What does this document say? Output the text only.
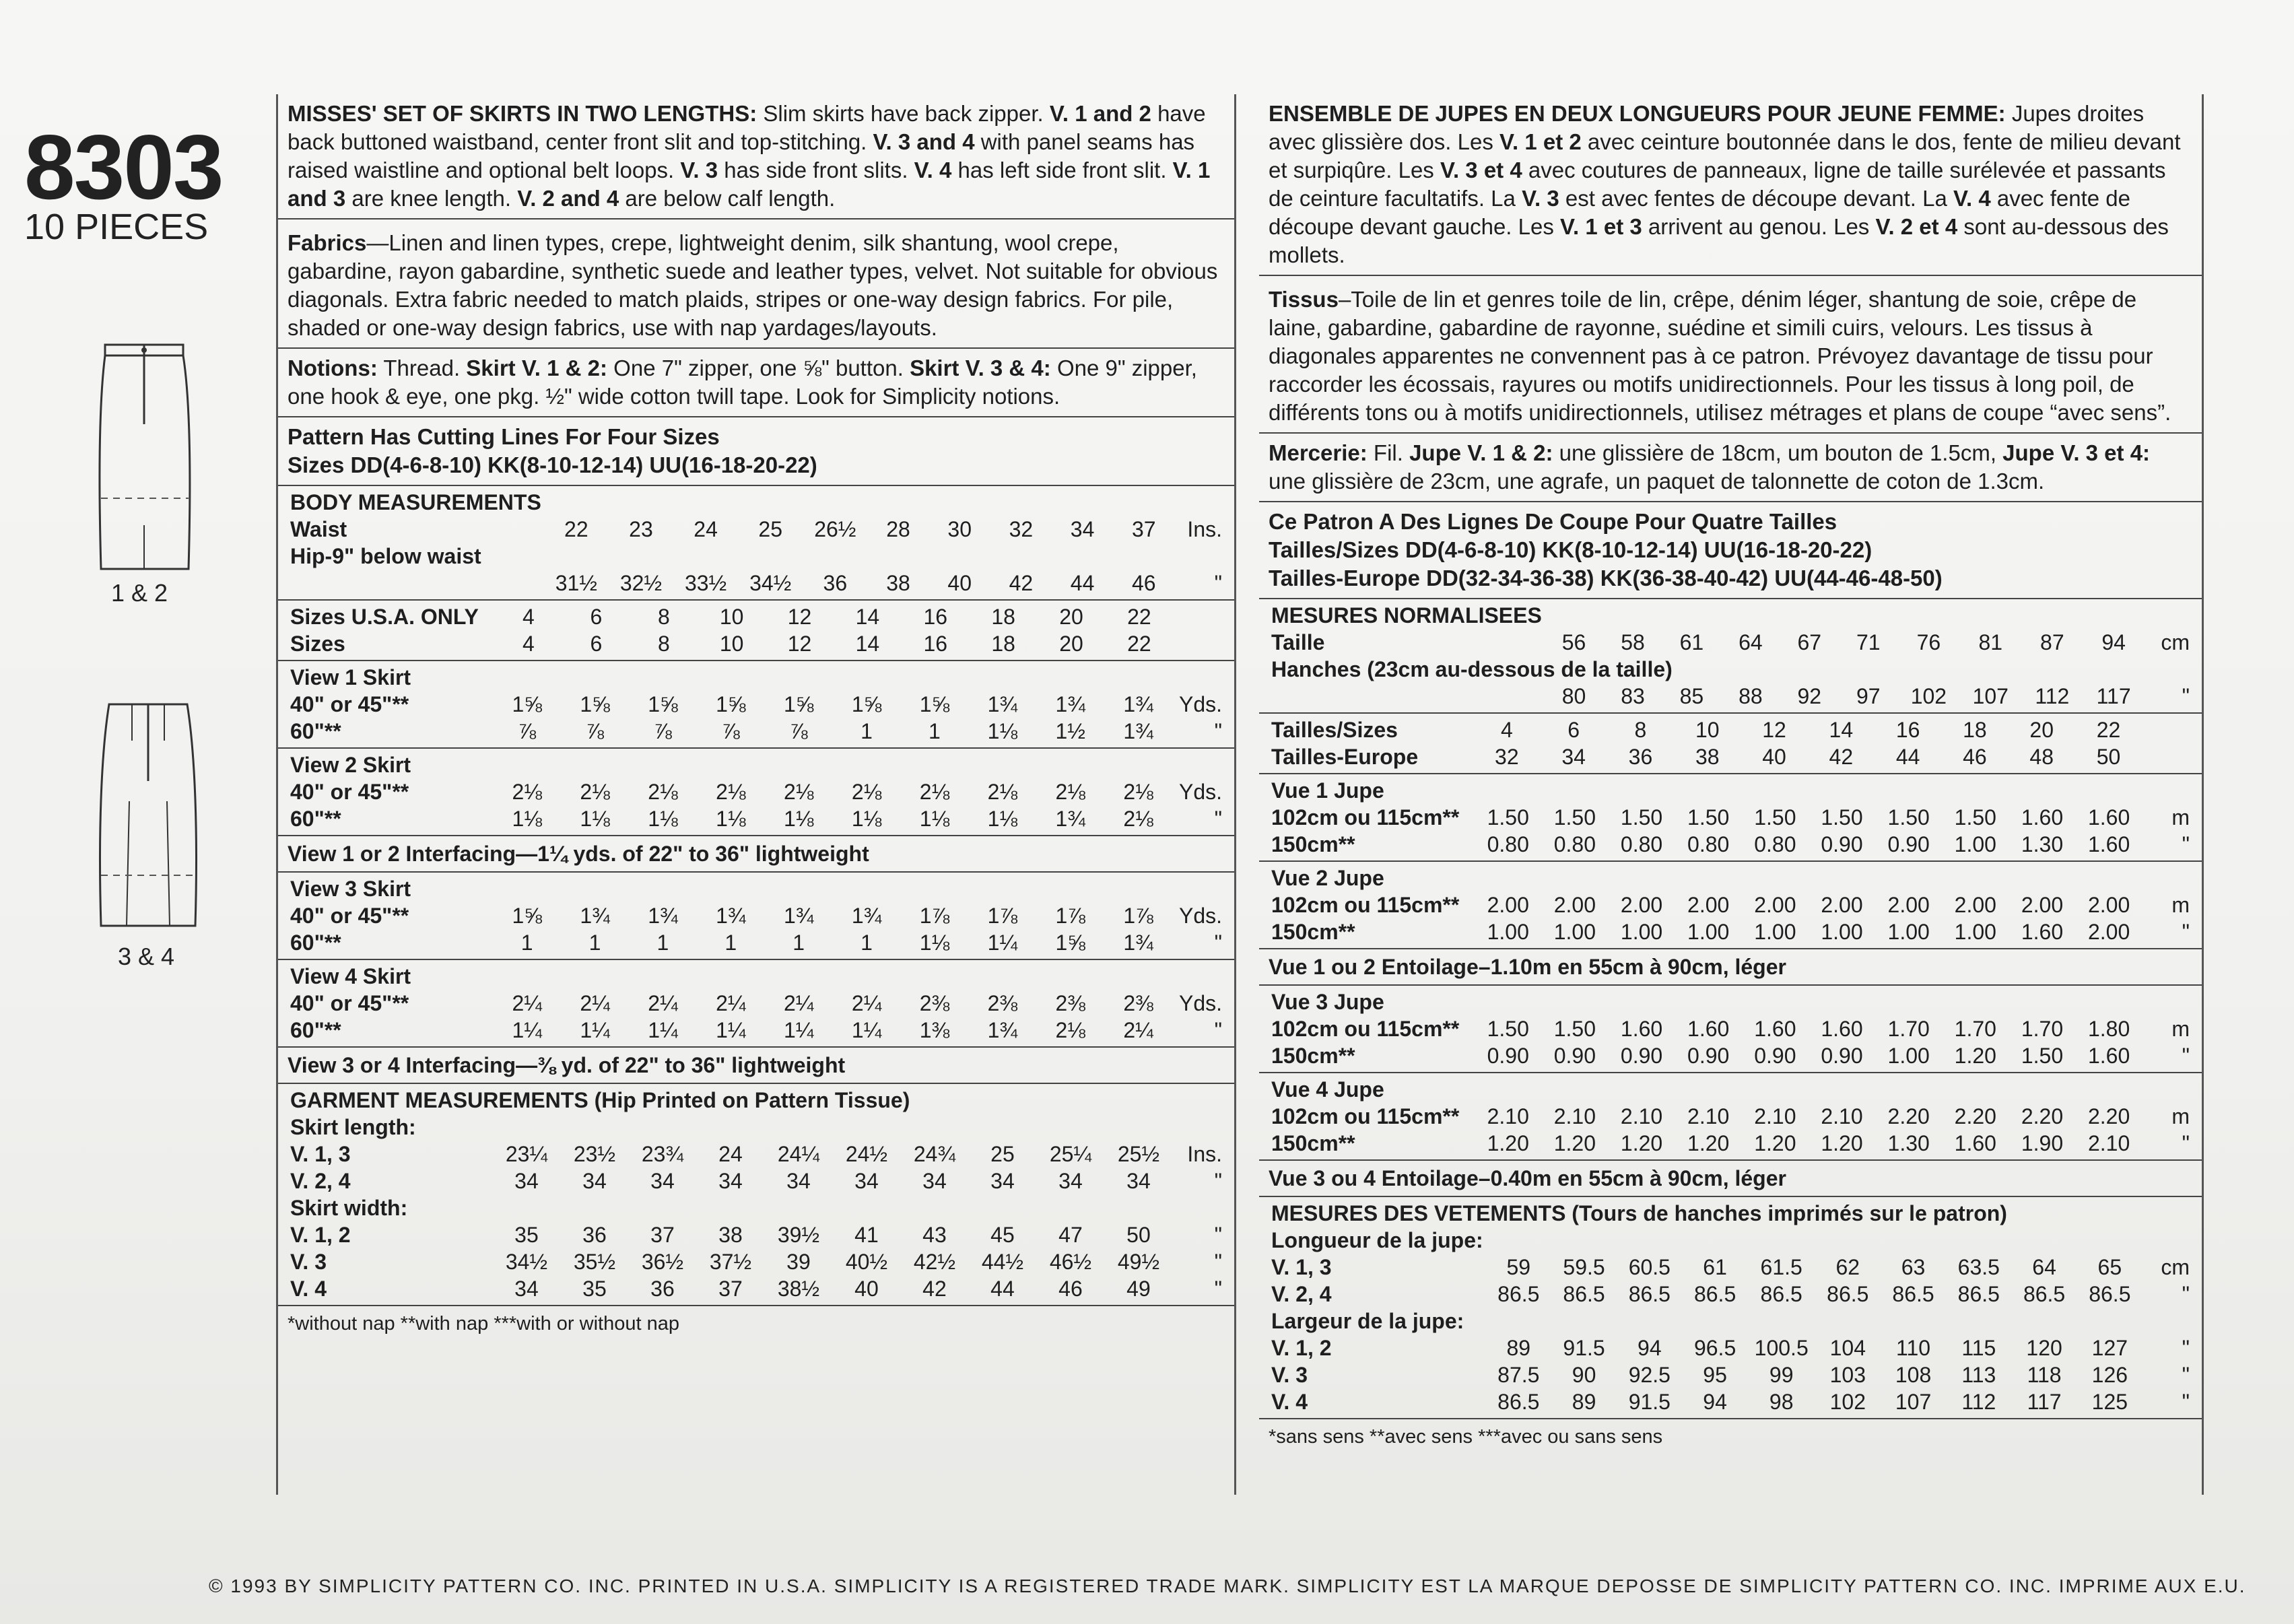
8303
10 PIECES
1 & 2
3 & 4

MISSES' SET OF SKIRTS IN TWO LENGTHS: Slim skirts have back zipper. V. 1 and 2 have back buttoned waistband, center front slit and top-stitching. V. 3 and 4 with panel seams has raised waistline and optional belt loops. V. 3 has side front slits. V. 4 has left side front slit. V. 1 and 3 are knee length. V. 2 and 4 are below calf length.

Fabrics—Linen and linen types, crepe, lightweight denim, silk shantung, wool crepe, gabardine, rayon gabardine, synthetic suede and leather types, velvet. Not suitable for obvious diagonals. Extra fabric needed to match plaids, stripes or one-way design fabrics. For pile, shaded or one-way design fabrics, use with nap yardages/layouts.

Notions: Thread. Skirt V. 1 & 2: One 7" zipper, one ⅝" button. Skirt V. 3 & 4: One 9" zipper, one hook & eye, one pkg. ½" wide cotton twill tape. Look for Simplicity notions.

Pattern Has Cutting Lines For Four Sizes
Sizes DD(4-6-8-10) KK(8-10-12-14) UU(16-18-20-22)
BODY MEASUREMENTS											
Waist	22	23	24	25	26½	28	30	32	34	37	Ins.
Hip-9" below waist											
	31½	32½	33½	34½	36	38	40	42	44	46	"
Sizes U.S.A. ONLY	4	6	8	10	12	14	16	18	20	22	
Sizes	4	6	8	10	12	14	16	18	20	22	
View 1 Skirt											
40" or 45"**	1⅝	1⅝	1⅝	1⅝	1⅝	1⅝	1⅝	1¾	1¾	1¾	Yds.
60"**	⅞	⅞	⅞	⅞	⅞	1	1	1⅛	1½	1¾	"
View 2 Skirt											
40" or 45"**	2⅛	2⅛	2⅛	2⅛	2⅛	2⅛	2⅛	2⅛	2⅛	2⅛	Yds.
60"**	1⅛	1⅛	1⅛	1⅛	1⅛	1⅛	1⅛	1⅛	1¾	2⅛	"
View 1 or 2 Interfacing—1¼ yds. of 22" to 36" lightweight
View 3 Skirt											
40" or 45"**	1⅝	1¾	1¾	1¾	1¾	1¾	1⅞	1⅞	1⅞	1⅞	Yds.
60"**	1	1	1	1	1	1	1⅛	1¼	1⅝	1¾	"
View 4 Skirt											
40" or 45"**	2¼	2¼	2¼	2¼	2¼	2¼	2⅜	2⅜	2⅜	2⅜	Yds.
60"**	1¼	1¼	1¼	1¼	1¼	1¼	1⅜	1¾	2⅛	2¼	"
View 3 or 4 Interfacing—⅜ yd. of 22" to 36" lightweight
GARMENT MEASUREMENTS (Hip Printed on Pattern Tissue)											
Skirt length:											
V. 1, 3	23¼	23½	23¾	24	24¼	24½	24¾	25	25¼	25½	Ins.
V. 2, 4	34	34	34	34	34	34	34	34	34	34	"
Skirt width:											
V. 1, 2	35	36	37	38	39½	41	43	45	47	50	"
V. 3	34½	35½	36½	37½	39	40½	42½	44½	46½	49½	"
V. 4	34	35	36	37	38½	40	42	44	46	49	"
*without nap **with nap ***with or without nap

ENSEMBLE DE JUPES EN DEUX LONGUEURS POUR JEUNE FEMME: Jupes droites avec glissière dos. Les V. 1 et 2 avec ceinture boutonnée dans le dos, fente de milieu devant et surpiqûre. Les V. 3 et 4 avec coutures de panneaux, ligne de taille surélevée et passants de ceinture facultatifs. La V. 3 est avec fentes de découpe devant. La V. 4 avec fente de découpe devant gauche. Les V. 1 et 3 arrivent au genou. Les V. 2 et 4 sont au-dessous des mollets.

Tissus–Toile de lin et genres toile de lin, crêpe, dénim léger, shantung de soie, crêpe de laine, gabardine, gabardine de rayonne, suédine et simili cuirs, velours. Les tissus à diagonales apparentes ne convennent pas à ce patron. Prévoyez davantage de tissu pour raccorder les écossais, rayures ou motifs unidirectionnels. Pour les tissus à long poil, de différents tons ou à motifs unidirectionnels, utilisez métrages et plans de coupe “avec sens”.

Mercerie: Fil. Jupe V. 1 & 2: une glissière de 18cm, um bouton de 1.5cm, Jupe V. 3 et 4: une glissière de 23cm, une agrafe, un paquet de talonnette de coton de 1.3cm.

Ce Patron A Des Lignes De Coupe Pour Quatre Tailles
Tailles/Sizes DD(4-6-8-10) KK(8-10-12-14) UU(16-18-20-22)
Tailles-Europe DD(32-34-36-38) KK(36-38-40-42) UU(44-46-48-50)
MESURES NORMALISEES											
Taille	56	58	61	64	67	71	76	81	87	94	cm
Hanches (23cm au-dessous de la taille)											
	80	83	85	88	92	97	102	107	112	117	"
Tailles/Sizes	4	6	8	10	12	14	16	18	20	22	
Tailles-Europe	32	34	36	38	40	42	44	46	48	50	
Vue 1 Jupe											
102cm ou 115cm**	1.50	1.50	1.50	1.50	1.50	1.50	1.50	1.50	1.60	1.60	m
150cm**	0.80	0.80	0.80	0.80	0.80	0.90	0.90	1.00	1.30	1.60	"
Vue 2 Jupe											
102cm ou 115cm**	2.00	2.00	2.00	2.00	2.00	2.00	2.00	2.00	2.00	2.00	m
150cm**	1.00	1.00	1.00	1.00	1.00	1.00	1.00	1.00	1.60	2.00	"
Vue 1 ou 2 Entoilage–1.10m en 55cm à 90cm, léger
Vue 3 Jupe											
102cm ou 115cm**	1.50	1.50	1.60	1.60	1.60	1.60	1.70	1.70	1.70	1.80	m
150cm**	0.90	0.90	0.90	0.90	0.90	0.90	1.00	1.20	1.50	1.60	"
Vue 4 Jupe											
102cm ou 115cm**	2.10	2.10	2.10	2.10	2.10	2.10	2.20	2.20	2.20	2.20	m
150cm**	1.20	1.20	1.20	1.20	1.20	1.20	1.30	1.60	1.90	2.10	"
Vue 3 ou 4 Entoilage–0.40m en 55cm à 90cm, léger
MESURES DES VETEMENTS (Tours de hanches imprimés sur le patron)											
Longueur de la jupe:											
V. 1, 3	59	59.5	60.5	61	61.5	62	63	63.5	64	65	cm
V. 2, 4	86.5	86.5	86.5	86.5	86.5	86.5	86.5	86.5	86.5	86.5	"
Largeur de la jupe:											
V. 1, 2	89	91.5	94	96.5	100.5	104	110	115	120	127	"
V. 3	87.5	90	92.5	95	99	103	108	113	118	126	"
V. 4	86.5	89	91.5	94	98	102	107	112	117	125	"
*sans sens **avec sens ***avec ou sans sens
© 1993 BY SIMPLICITY PATTERN CO. INC. PRINTED IN U.S.A. SIMPLICITY IS A REGISTERED TRADE MARK. SIMPLICITY EST LA MARQUE DEPOSSE DE SIMPLICITY PATTERN CO. INC. IMPRIME AUX E.U.
